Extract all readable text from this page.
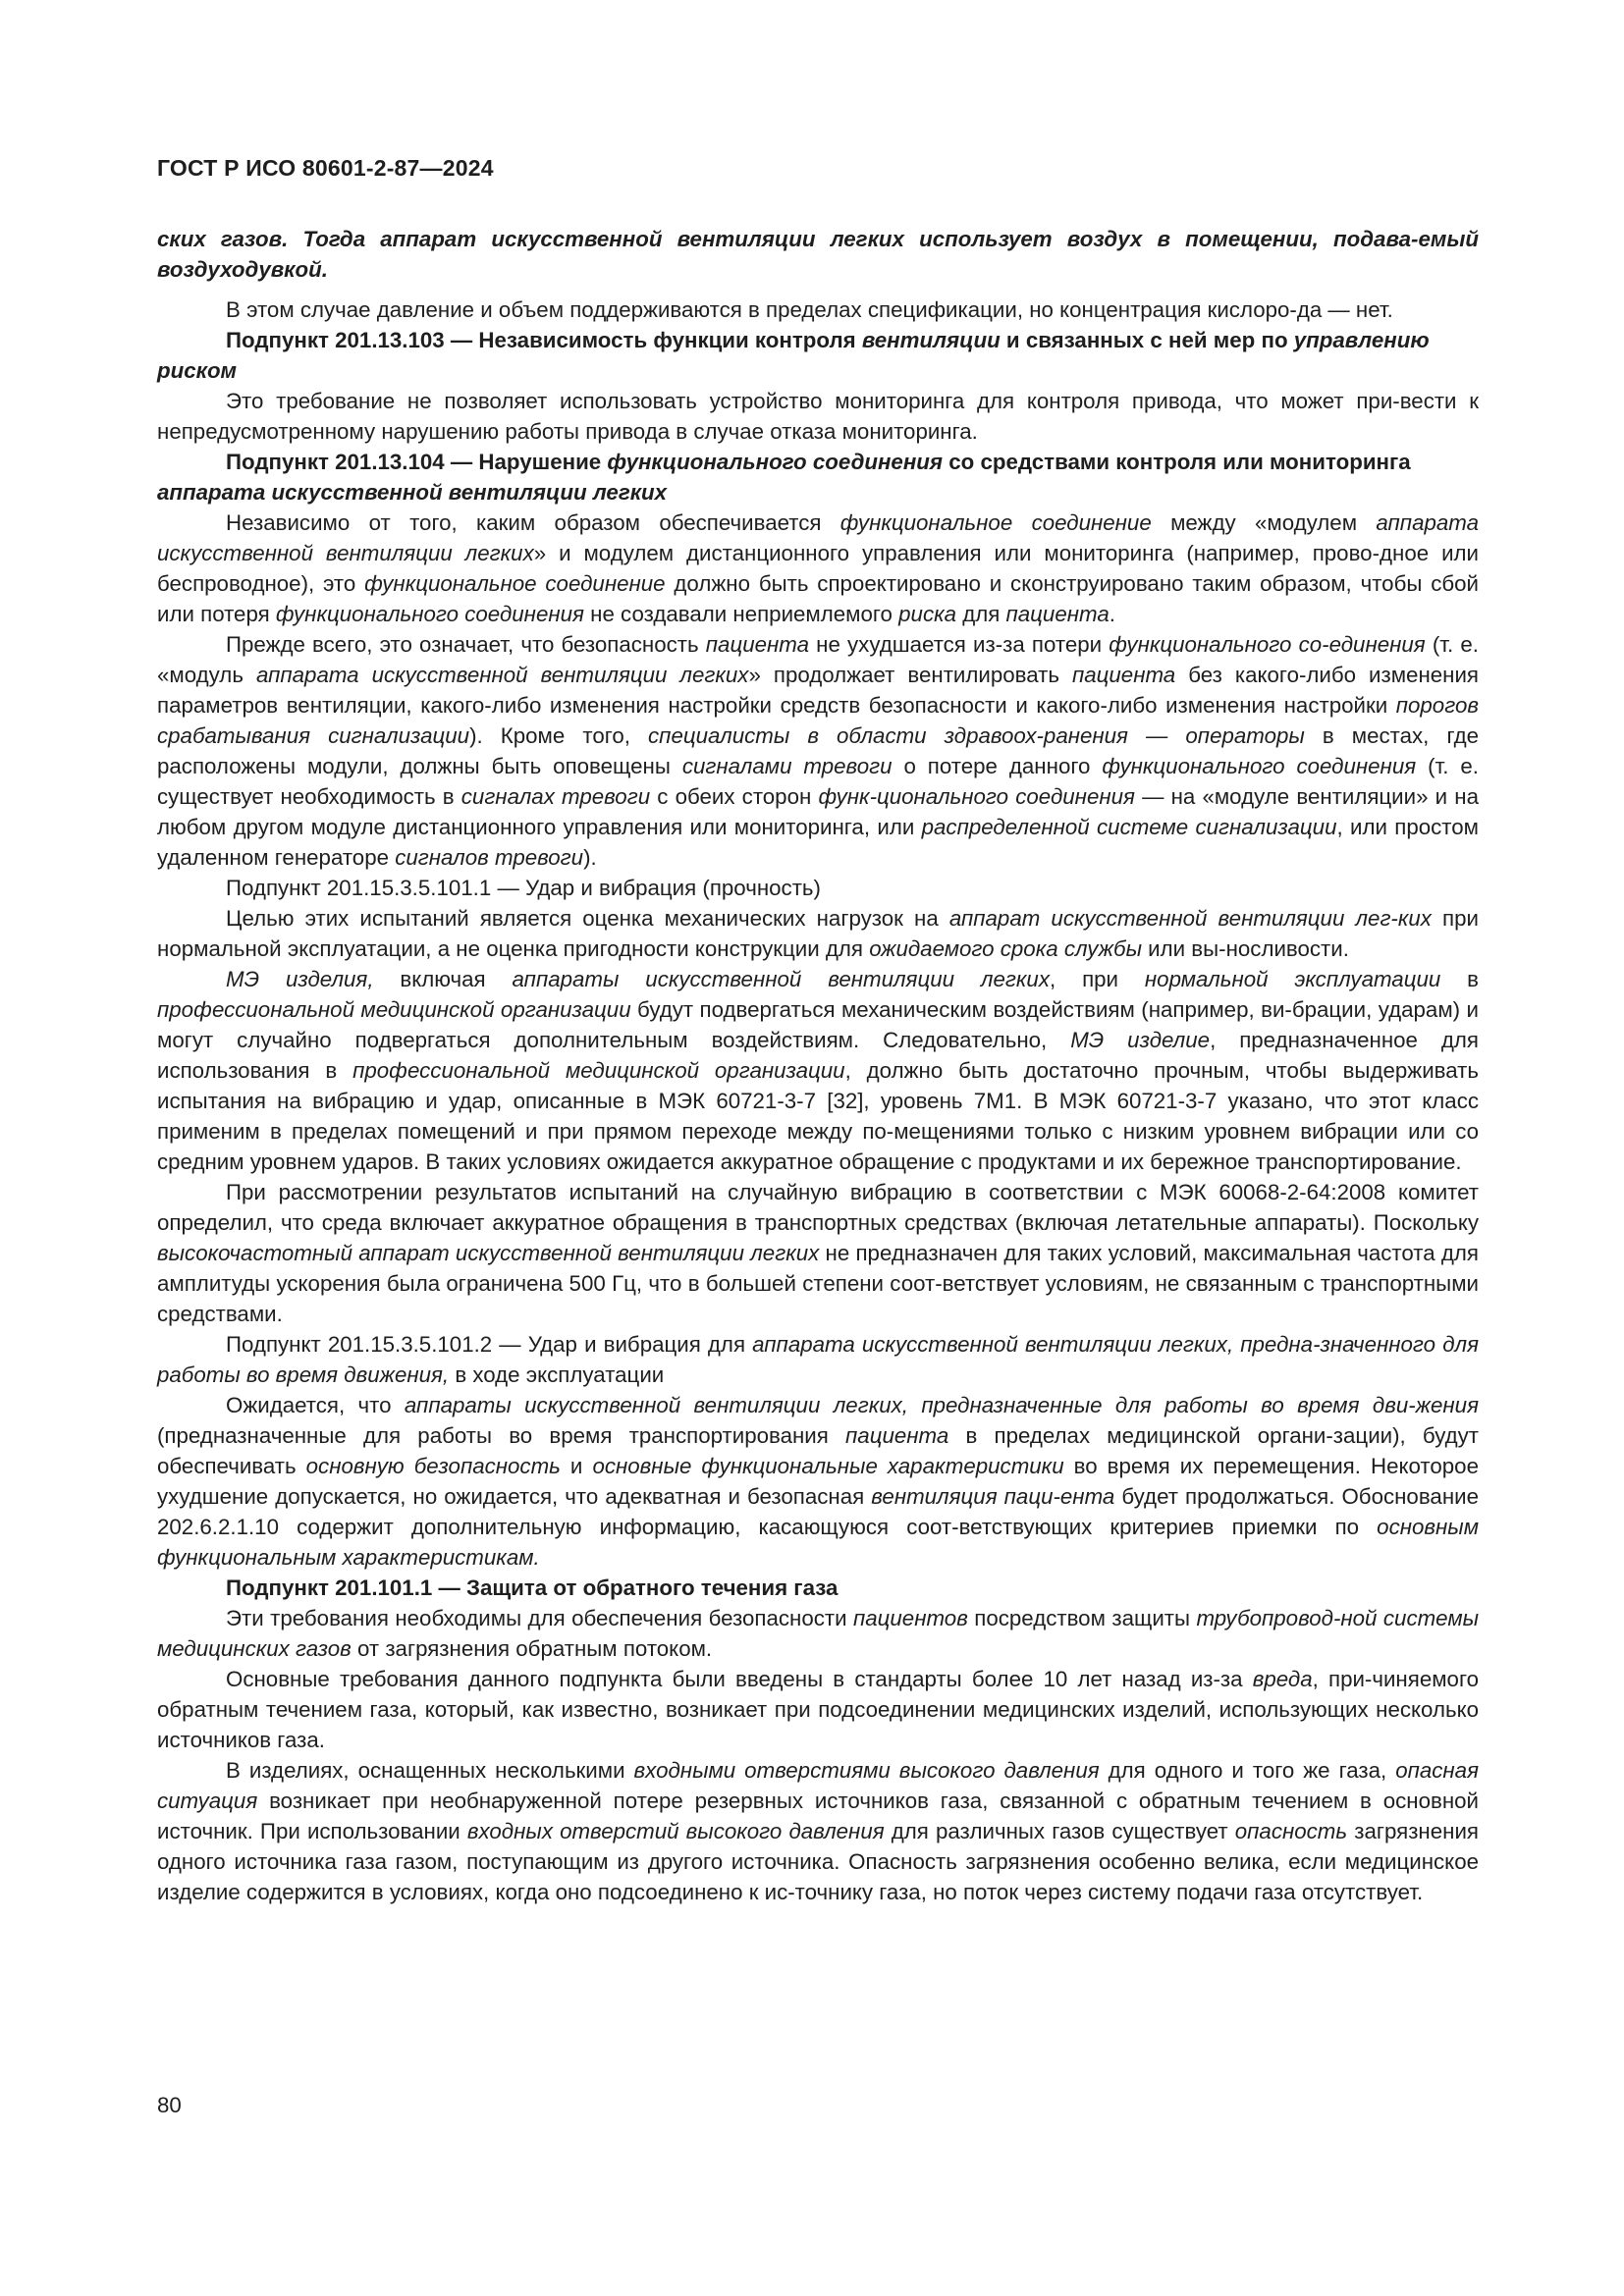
ГОСТ Р ИСО 80601-2-87—2024

ских газов. Тогда аппарат искусственной вентиляции легких использует воздух в помещении, подава-​емый воздуходувкой.

В этом случае давление и объем поддерживаются в пределах спецификации, но концентрация кислоро-​да — нет.

Подпункт 201.13.103 — Независимость функции контроля вентиляции и связанных с ней мер по управлению риском

Это требование не позволяет использовать устройство мониторинга для контроля привода, что может при-​вести к непредусмотренному нарушению работы привода в случае отказа мониторинга.

Подпункт 201.13.104 — Нарушение функционального соединения со средствами контроля или мониторинга аппарата искусственной вентиляции легких

Независимо от того, каким образом обеспечивается функциональное соединение между «модулем аппарата искусственной вентиляции легких» и модулем дистанционного управления или мониторинга (например, прово-​дное или беспроводное), это функциональное соединение должно быть спроектировано и сконструировано таким образом, чтобы сбой или потеря функционального соединения не создавали неприемлемого риска для пациента.

Прежде всего, это означает, что безопасность пациента не ухудшается из-за потери функционального со-​единения (т. е. «модуль аппарата искусственной вентиляции легких» продолжает вентилировать пациента без какого-либо изменения параметров вентиляции, какого-либо изменения настройки средств безопасности и какого-​либо изменения настройки порогов срабатывания сигнализации). Кроме того, специалисты в области здравоох-​ранения — операторы в местах, где расположены модули, должны быть оповещены сигналами тревоги о потере данного функционального соединения (т. е. существует необходимость в сигналах тревоги с обеих сторон функ-​ционального соединения — на «модуле вентиляции» и на любом другом модуле дистанционного управления или мониторинга, или распределенной системе сигнализации, или простом удаленном генераторе сигналов тревоги).

Подпункт 201.15.3.5.101.1 — Удар и вибрация (прочность)

Целью этих испытаний является оценка механических нагрузок на аппарат искусственной вентиляции лег-​ких при нормальной эксплуатации, а не оценка пригодности конструкции для ожидаемого срока службы или вы-​носливости.

МЭ изделия, включая аппараты искусственной вентиляции легких, при нормальной эксплуатации в профессиональной медицинской организации будут подвергаться механическим воздействиям (например, ви-​брации, ударам) и могут случайно подвергаться дополнительным воздействиям. Следовательно, МЭ изделие, предназначенное для использования в профессиональной медицинской организации, должно быть достаточно прочным, чтобы выдерживать испытания на вибрацию и удар, описанные в МЭК 60721-3-7 [32], уровень 7M1. В МЭК 60721-3-7 указано, что этот класс применим в пределах помещений и при прямом переходе между по-​мещениями только с низким уровнем вибрации или со средним уровнем ударов. В таких условиях ожидается аккуратное обращение с продуктами и их бережное транспортирование.

При рассмотрении результатов испытаний на случайную вибрацию в соответствии с МЭК 60068-2-64:2008 комитет определил, что среда включает аккуратное обращения в транспортных средствах (включая летательные аппараты). Поскольку высокочастотный аппарат искусственной вентиляции легких не предназначен для таких условий, максимальная частота для амплитуды ускорения была ограничена 500 Гц, что в большей степени соот-​ветствует условиям, не связанным с транспортными средствами.

Подпункт 201.15.3.5.101.2 — Удар и вибрация для аппарата искусственной вентиляции легких, предна-​значенного для работы во время движения, в ходе эксплуатации

Ожидается, что аппараты искусственной вентиляции легких, предназначенные для работы во время дви-​жения (предназначенные для работы во время транспортирования пациента в пределах медицинской органи-​зации), будут обеспечивать основную безопасность и основные функциональные характеристики во время их перемещения. Некоторое ухудшение допускается, но ожидается, что адекватная и безопасная вентиляция паци-​ента будет продолжаться. Обоснование 202.6.2.1.10 содержит дополнительную информацию, касающуюся соот-​ветствующих критериев приемки по основным функциональным характеристикам.

Подпункт 201.101.1 — Защита от обратного течения газа

Эти требования необходимы для обеспечения безопасности пациентов посредством защиты трубопровод-​ной системы медицинских газов от загрязнения обратным потоком.

Основные требования данного подпункта были введены в стандарты более 10 лет назад из-за вреда, при-​чиняемого обратным течением газа, который, как известно, возникает при подсоединении медицинских изделий, использующих несколько источников газа.

В изделиях, оснащенных несколькими входными отверстиями высокого давления для одного и того же газа, опасная ситуация возникает при необнаруженной потере резервных источников газа, связанной с обратным течением в основной источник. При использовании входных отверстий высокого давления для различных газов существует опасность загрязнения одного источника газа газом, поступающим из другого источника. Опасность загрязнения особенно велика, если медицинское изделие содержится в условиях, когда оно подсоединено к ис-​точнику газа, но поток через систему подачи газа отсутствует.

80
